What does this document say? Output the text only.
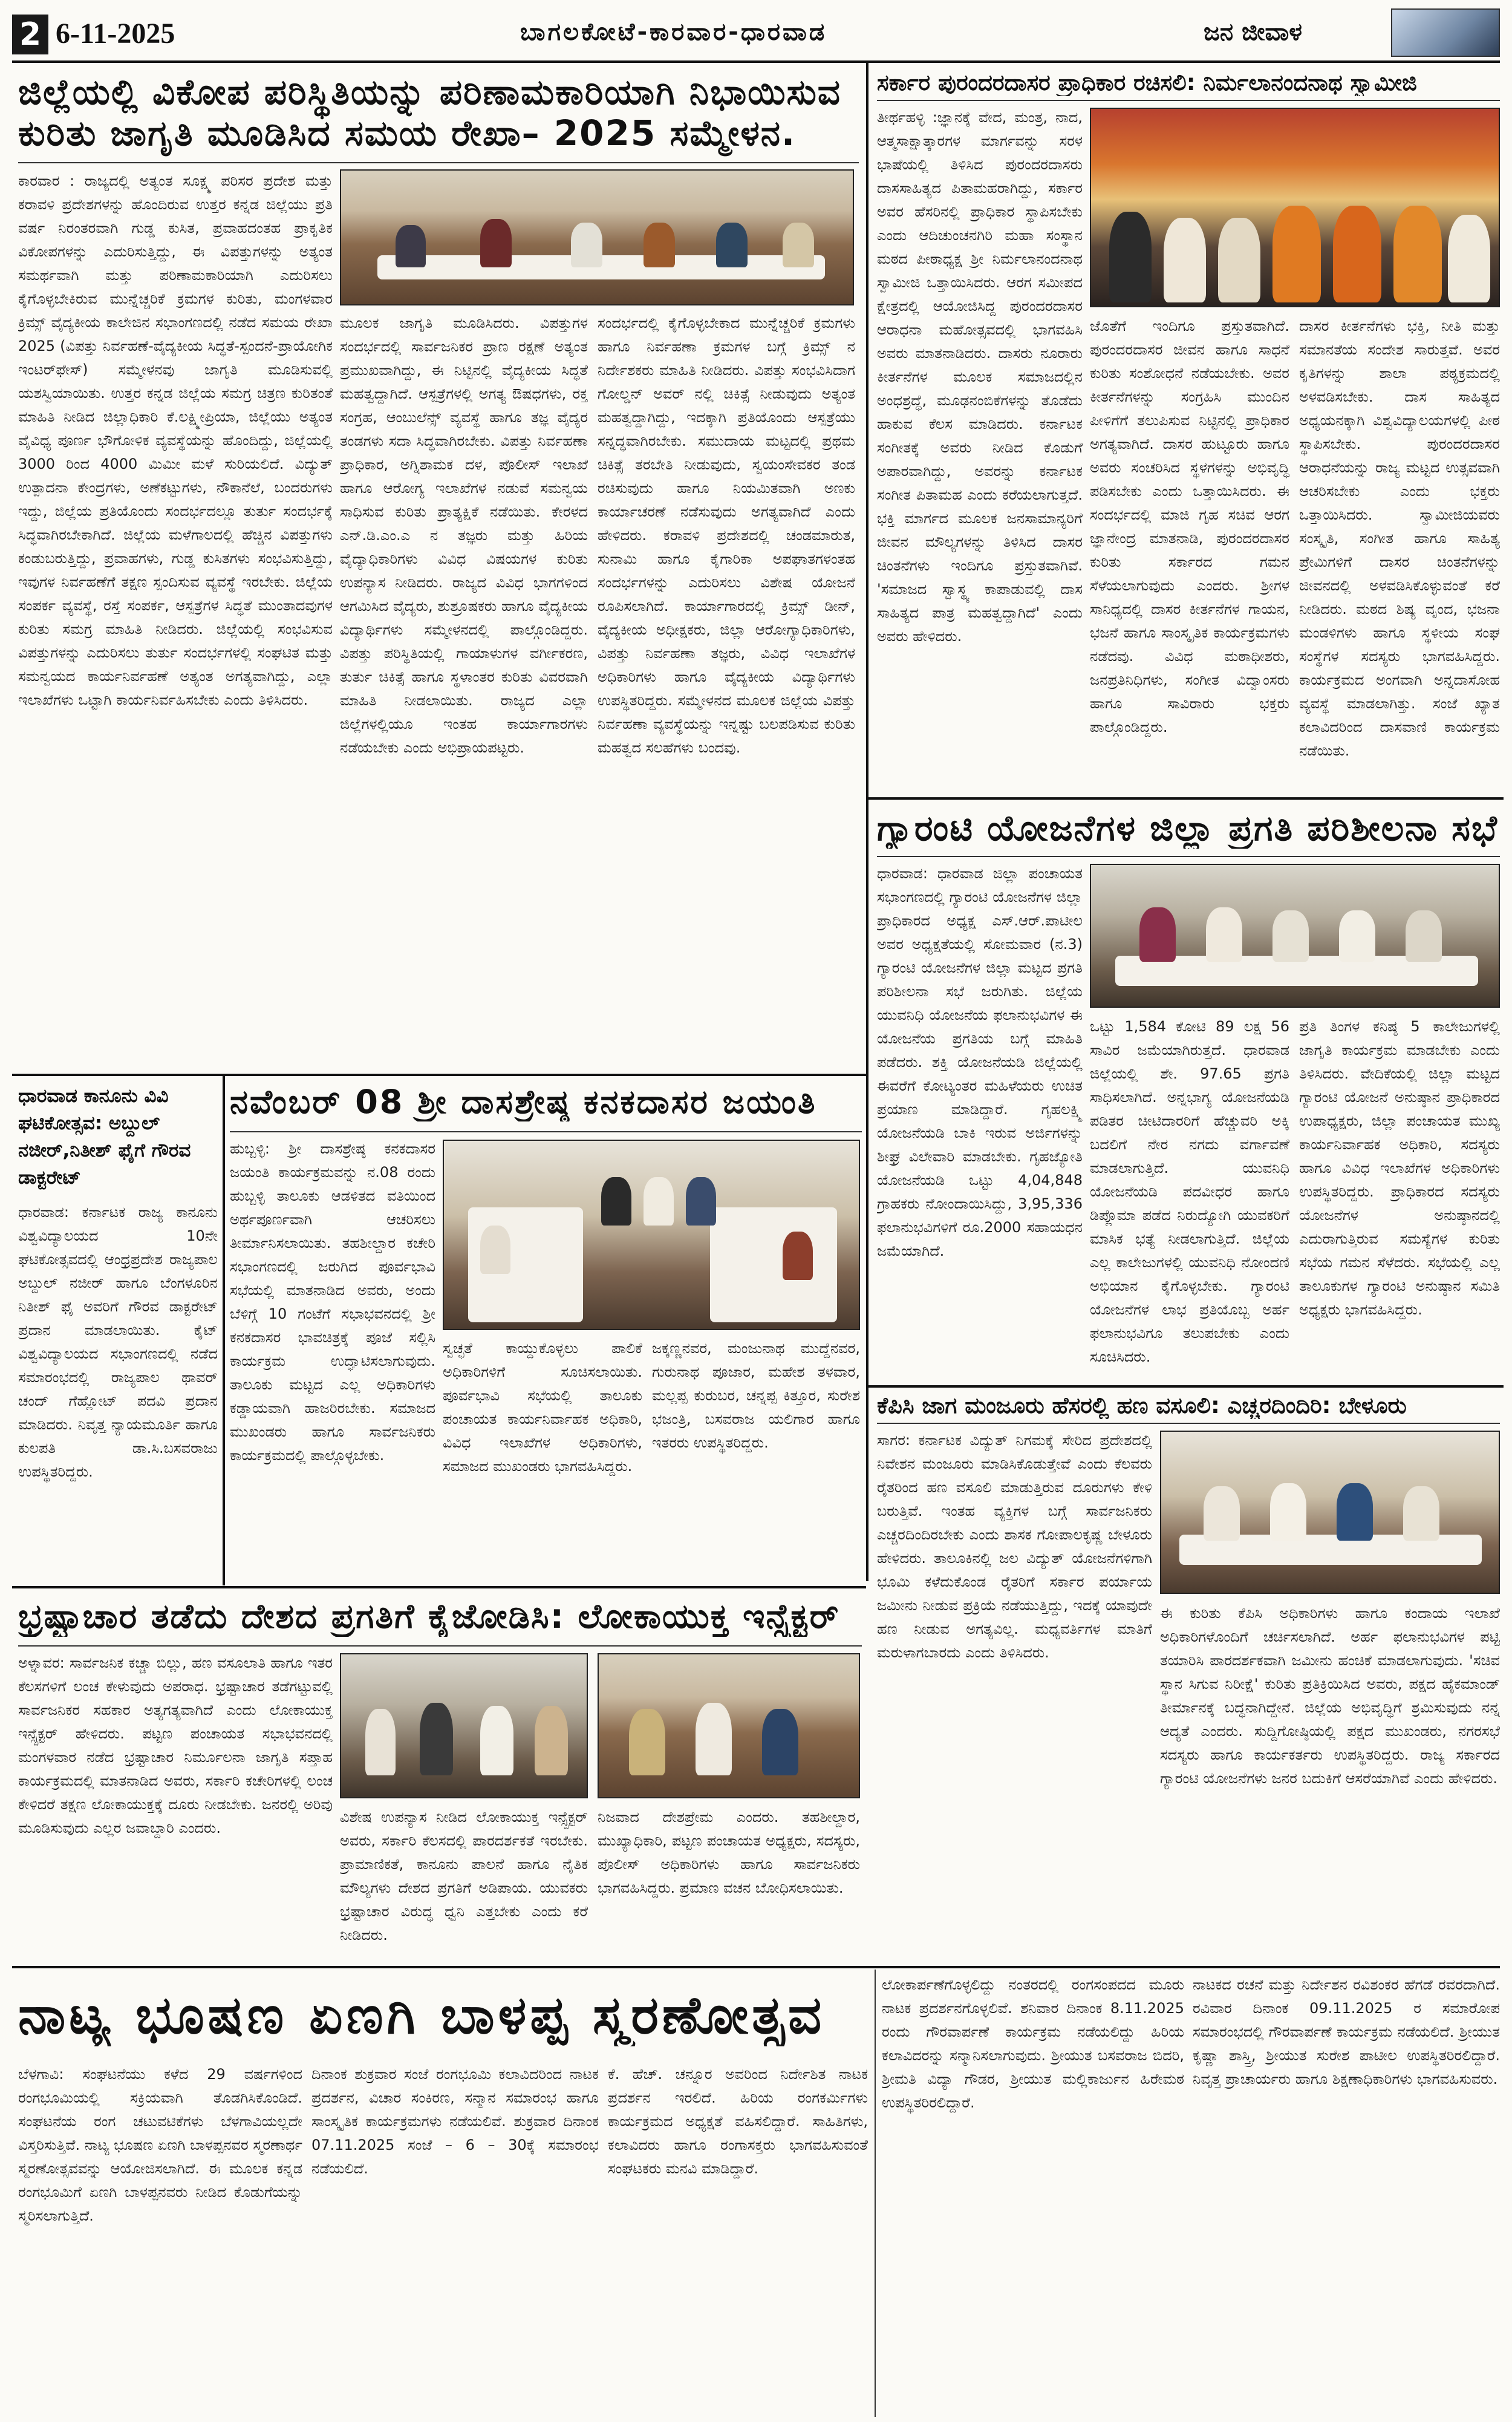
2 6-11-2025	ಬಾಗಲಕೋಟೆ-ಕಾರವಾರ-ಧಾರವಾಡ	ಜನ ಜೀವಾಳ
ಜಿಲ್ಲೆಯಲ್ಲಿ ವಿಕೋಪ ಪರಿಸ್ಥಿತಿಯನ್ನು ಪರಿಣಾಮಕಾರಿಯಾಗಿ ನಿಭಾಯಿಸುವ
ಕುರಿತು ಜಾಗೃತಿ ಮೂಡಿಸಿದ ಸಮಯ ರೇಖಾ– 2025 ಸಮ್ಮೇಳನ.
ಕಾರವಾರ : ರಾಜ್ಯದಲ್ಲಿ ಅತ್ಯಂತ ಸೂಕ್ಷ್ಮ ಪರಿಸರ ಪ್ರದೇಶ ಮತ್ತು ಕರಾವಳಿ ಪ್ರದೇಶಗಳನ್ನು ಹೊಂದಿರುವ ಉತ್ತರ ಕನ್ನಡ ಜಿಲ್ಲೆಯು ಪ್ರತಿ ವರ್ಷ ನಿರಂತರವಾಗಿ ಗುಡ್ಡ ಕುಸಿತ, ಪ್ರವಾಹದಂತಹ ಪ್ರಾಕೃತಿಕ ವಿಕೋಪಗಳನ್ನು ಎದುರಿಸುತ್ತಿದ್ದು, ಈ ವಿಪತ್ತುಗಳನ್ನು ಅತ್ಯಂತ ಸಮರ್ಥವಾಗಿ ಮತ್ತು ಪರಿಣಾಮಕಾರಿಯಾಗಿ ಎದುರಿಸಲು ಕೈಗೊಳ್ಳಬೇಕಿರುವ ಮುನ್ನೆಚ್ಚರಿಕೆ ಕ್ರಮಗಳ ಕುರಿತು, ಮಂಗಳವಾರ ಕ್ರಿಮ್ಸ್ ವೈದ್ಯಕೀಯ ಕಾಲೇಜಿನ ಸಭಾಂಗಣದಲ್ಲಿ ನಡೆದ ಸಮಯ ರೇಖಾ 2025 (ವಿಪತ್ತು ನಿರ್ವಹಣೆ-ವೈದ್ಯಕೀಯ ಸಿದ್ಧತೆ-ಸ್ಪಂದನೆ-ಪ್ರಾಯೋಗಿಕ ಇಂಟರ್‌ಫೇಸ್) ಸಮ್ಮೇಳನವು ಜಾಗೃತಿ ಮೂಡಿಸುವಲ್ಲಿ ಯಶಸ್ವಿಯಾಯಿತು. ಉತ್ತರ ಕನ್ನಡ ಜಿಲ್ಲೆಯ ಸಮಗ್ರ ಚಿತ್ರಣ ಕುರಿತಂತೆ ಮಾಹಿತಿ ನೀಡಿದ ಜಿಲ್ಲಾಧಿಕಾರಿ ಕೆ.ಲಕ್ಷ್ಮೀಪ್ರಿಯಾ, ಜಿಲ್ಲೆಯು ಅತ್ಯಂತ ವೈವಿಧ್ಯ ಪೂರ್ಣ ಭೌಗೋಳಿಕ ವ್ಯವಸ್ಥೆಯನ್ನು ಹೊಂದಿದ್ದು, ಜಿಲ್ಲೆಯಲ್ಲಿ 3000 ರಿಂದ 4000 ಮಿಮೀ ಮಳೆ ಸುರಿಯಲಿದೆ. ವಿದ್ಯುತ್ ಉತ್ಪಾದನಾ ಕೇಂದ್ರಗಳು, ಅಣೆಕಟ್ಟುಗಳು, ನೌಕಾನೆಲೆ, ಬಂದರುಗಳು ಇದ್ದು, ಜಿಲ್ಲೆಯ ಪ್ರತಿಯೊಂದು ಸಂದರ್ಭದಲ್ಲೂ ತುರ್ತು ಸಂದರ್ಭಕ್ಕೆ ಸಿದ್ಧವಾಗಿರಬೇಕಾಗಿದೆ. ಜಿಲ್ಲೆಯ ಮಳೆಗಾಲದಲ್ಲಿ ಹೆಚ್ಚಿನ ವಿಪತ್ತುಗಳು ಕಂಡುಬರುತ್ತಿದ್ದು, ಪ್ರವಾಹಗಳು, ಗುಡ್ಡ ಕುಸಿತಗಳು ಸಂಭವಿಸುತ್ತಿದ್ದು, ಇವುಗಳ ನಿರ್ವಹಣೆಗೆ ತಕ್ಷಣ ಸ್ಪಂದಿಸುವ ವ್ಯವಸ್ಥೆ ಇರಬೇಕು. ಜಿಲ್ಲೆಯ ಸಂಪರ್ಕ ವ್ಯವಸ್ಥೆ, ರಸ್ತೆ ಸಂಪರ್ಕ, ಆಸ್ಪತ್ರೆಗಳ ಸಿದ್ಧತೆ ಮುಂತಾದವುಗಳ ಕುರಿತು ಸಮಗ್ರ ಮಾಹಿತಿ ನೀಡಿದರು. ಜಿಲ್ಲೆಯಲ್ಲಿ ಸಂಭವಿಸುವ ವಿಪತ್ತುಗಳನ್ನು ಎದುರಿಸಲು ತುರ್ತು ಸಂದರ್ಭಗಳಲ್ಲಿ ಸಂಘಟಿತ ಮತ್ತು ಸಮನ್ವಯದ ಕಾರ್ಯನಿರ್ವಹಣೆ ಅತ್ಯಂತ ಅಗತ್ಯವಾಗಿದ್ದು, ಎಲ್ಲಾ ಇಲಾಖೆಗಳು ಒಟ್ಟಾಗಿ ಕಾರ್ಯನಿರ್ವಹಿಸಬೇಕು ಎಂದು ತಿಳಿಸಿದರು.
ಮೂಲಕ ಜಾಗೃತಿ ಮೂಡಿಸಿದರು. ವಿಪತ್ತುಗಳ ಸಂದರ್ಭದಲ್ಲಿ ಸಾರ್ವಜನಿಕರ ಪ್ರಾಣ ರಕ್ಷಣೆ ಅತ್ಯಂತ ಪ್ರಮುಖವಾಗಿದ್ದು, ಈ ನಿಟ್ಟಿನಲ್ಲಿ ವೈದ್ಯಕೀಯ ಸಿದ್ಧತೆ ಮಹತ್ವದ್ದಾಗಿದೆ. ಆಸ್ಪತ್ರೆಗಳಲ್ಲಿ ಅಗತ್ಯ ಔಷಧಗಳು, ರಕ್ತ ಸಂಗ್ರಹ, ಆಂಬುಲೆನ್ಸ್ ವ್ಯವಸ್ಥೆ ಹಾಗೂ ತಜ್ಞ ವೈದ್ಯರ ತಂಡಗಳು ಸದಾ ಸಿದ್ಧವಾಗಿರಬೇಕು. ವಿಪತ್ತು ನಿರ್ವಹಣಾ ಪ್ರಾಧಿಕಾರ, ಅಗ್ನಿಶಾಮಕ ದಳ, ಪೊಲೀಸ್ ಇಲಾಖೆ ಹಾಗೂ ಆರೋಗ್ಯ ಇಲಾಖೆಗಳ ನಡುವೆ ಸಮನ್ವಯ ಸಾಧಿಸುವ ಕುರಿತು ಪ್ರಾತ್ಯಕ್ಷಿಕೆ ನಡೆಯಿತು. ಕೇರಳದ ಎನ್.ಡಿ.ಎಂ.ಎ ನ ತಜ್ಞರು ಮತ್ತು ಹಿರಿಯ ವೈದ್ಯಾಧಿಕಾರಿಗಳು ವಿವಿಧ ವಿಷಯಗಳ ಕುರಿತು ಉಪನ್ಯಾಸ ನೀಡಿದರು. ರಾಜ್ಯದ ವಿವಿಧ ಭಾಗಗಳಿಂದ ಆಗಮಿಸಿದ ವೈದ್ಯರು, ಶುಶ್ರೂಷಕರು ಹಾಗೂ ವೈದ್ಯಕೀಯ ವಿದ್ಯಾರ್ಥಿಗಳು ಸಮ್ಮೇಳನದಲ್ಲಿ ಪಾಲ್ಗೊಂಡಿದ್ದರು. ವಿಪತ್ತು ಪರಿಸ್ಥಿತಿಯಲ್ಲಿ ಗಾಯಾಳುಗಳ ವರ್ಗೀಕರಣ, ತುರ್ತು ಚಿಕಿತ್ಸೆ ಹಾಗೂ ಸ್ಥಳಾಂತರ ಕುರಿತು ವಿವರವಾಗಿ ಮಾಹಿತಿ ನೀಡಲಾಯಿತು. ರಾಜ್ಯದ ಎಲ್ಲಾ ಜಿಲ್ಲೆಗಳಲ್ಲಿಯೂ ಇಂತಹ ಕಾರ್ಯಾಗಾರಗಳು ನಡೆಯಬೇಕು ಎಂದು ಅಭಿಪ್ರಾಯಪಟ್ಟರು.
ಸಂದರ್ಭದಲ್ಲಿ ಕೈಗೊಳ್ಳಬೇಕಾದ ಮುನ್ನೆಚ್ಚರಿಕೆ ಕ್ರಮಗಳು ಹಾಗೂ ನಿರ್ವಹಣಾ ಕ್ರಮಗಳ ಬಗ್ಗೆ ಕ್ರಿಮ್ಸ್ ನ ನಿರ್ದೇಶಕರು ಮಾಹಿತಿ ನೀಡಿದರು. ವಿಪತ್ತು ಸಂಭವಿಸಿದಾಗ ಗೋಲ್ಡನ್ ಅವರ್ ನಲ್ಲಿ ಚಿಕಿತ್ಸೆ ನೀಡುವುದು ಅತ್ಯಂತ ಮಹತ್ವದ್ದಾಗಿದ್ದು, ಇದಕ್ಕಾಗಿ ಪ್ರತಿಯೊಂದು ಆಸ್ಪತ್ರೆಯು ಸನ್ನದ್ಧವಾಗಿರಬೇಕು. ಸಮುದಾಯ ಮಟ್ಟದಲ್ಲಿ ಪ್ರಥಮ ಚಿಕಿತ್ಸೆ ತರಬೇತಿ ನೀಡುವುದು, ಸ್ವಯಂಸೇವಕರ ತಂಡ ರಚಿಸುವುದು ಹಾಗೂ ನಿಯಮಿತವಾಗಿ ಅಣಕು ಕಾರ್ಯಾಚರಣೆ ನಡೆಸುವುದು ಅಗತ್ಯವಾಗಿದೆ ಎಂದು ಹೇಳಿದರು. ಕರಾವಳಿ ಪ್ರದೇಶದಲ್ಲಿ ಚಂಡಮಾರುತ, ಸುನಾಮಿ ಹಾಗೂ ಕೈಗಾರಿಕಾ ಅಪಘಾತಗಳಂತಹ ಸಂದರ್ಭಗಳನ್ನು ಎದುರಿಸಲು ವಿಶೇಷ ಯೋಜನೆ ರೂಪಿಸಲಾಗಿದೆ. ಕಾರ್ಯಾಗಾರದಲ್ಲಿ ಕ್ರಿಮ್ಸ್ ಡೀನ್, ವೈದ್ಯಕೀಯ ಅಧೀಕ್ಷಕರು, ಜಿಲ್ಲಾ ಆರೋಗ್ಯಾಧಿಕಾರಿಗಳು, ವಿಪತ್ತು ನಿರ್ವಹಣಾ ತಜ್ಞರು, ವಿವಿಧ ಇಲಾಖೆಗಳ ಅಧಿಕಾರಿಗಳು ಹಾಗೂ ವೈದ್ಯಕೀಯ ವಿದ್ಯಾರ್ಥಿಗಳು ಉಪಸ್ಥಿತರಿದ್ದರು. ಸಮ್ಮೇಳನದ ಮೂಲಕ ಜಿಲ್ಲೆಯ ವಿಪತ್ತು ನಿರ್ವಹಣಾ ವ್ಯವಸ್ಥೆಯನ್ನು ಇನ್ನಷ್ಟು ಬಲಪಡಿಸುವ ಕುರಿತು ಮಹತ್ವದ ಸಲಹೆಗಳು ಬಂದವು.
ಸರ್ಕಾರ ಪುರಂದರದಾಸರ ಪ್ರಾಧಿಕಾರ ರಚಿಸಲಿ: ನಿರ್ಮಲಾನಂದನಾಥ ಸ್ವಾಮೀಜಿ
ತೀರ್ಥಹಳ್ಳಿ :ಜ್ಞಾನಕ್ಕೆ ವೇದ, ಮಂತ್ರ, ನಾದ, ಆತ್ಮಸಾಕ್ಷಾತ್ಕಾರಗಳ ಮಾರ್ಗವನ್ನು ಸರಳ ಭಾಷೆಯಲ್ಲಿ ತಿಳಿಸಿದ ಪುರಂದರದಾಸರು ದಾಸಸಾಹಿತ್ಯದ ಪಿತಾಮಹರಾಗಿದ್ದು, ಸರ್ಕಾರ ಅವರ ಹೆಸರಿನಲ್ಲಿ ಪ್ರಾಧಿಕಾರ ಸ್ಥಾಪಿಸಬೇಕು ಎಂದು ಆದಿಚುಂಚನಗಿರಿ ಮಹಾ ಸಂಸ್ಥಾನ ಮಠದ ಪೀಠಾಧ್ಯಕ್ಷ ಶ್ರೀ ನಿರ್ಮಲಾನಂದನಾಥ ಸ್ವಾಮೀಜಿ ಒತ್ತಾಯಿಸಿದರು. ಆರಗ ಸಮೀಪದ ಕ್ಷೇತ್ರದಲ್ಲಿ ಆಯೋಜಿಸಿದ್ದ ಪುರಂದರದಾಸರ ಆರಾಧನಾ ಮಹೋತ್ಸವದಲ್ಲಿ ಭಾಗವಹಿಸಿ ಅವರು ಮಾತನಾಡಿದರು. ದಾಸರು ನೂರಾರು ಕೀರ್ತನೆಗಳ ಮೂಲಕ ಸಮಾಜದಲ್ಲಿನ ಅಂಧಶ್ರದ್ಧೆ, ಮೂಢನಂಬಿಕೆಗಳನ್ನು ತೊಡೆದು ಹಾಕುವ ಕೆಲಸ ಮಾಡಿದರು. ಕರ್ನಾಟಕ ಸಂಗೀತಕ್ಕೆ ಅವರು ನೀಡಿದ ಕೊಡುಗೆ ಅಪಾರವಾಗಿದ್ದು, ಅವರನ್ನು ಕರ್ನಾಟಕ ಸಂಗೀತ ಪಿತಾಮಹ ಎಂದು ಕರೆಯಲಾಗುತ್ತದೆ. ಭಕ್ತಿ ಮಾರ್ಗದ ಮೂಲಕ ಜನಸಾಮಾನ್ಯರಿಗೆ ಜೀವನ ಮೌಲ್ಯಗಳನ್ನು ತಿಳಿಸಿದ ದಾಸರ ಚಿಂತನೆಗಳು ಇಂದಿಗೂ ಪ್ರಸ್ತುತವಾಗಿವೆ. 'ಸಮಾಜದ ಸ್ವಾಸ್ಥ್ಯ ಕಾಪಾಡುವಲ್ಲಿ ದಾಸ ಸಾಹಿತ್ಯದ ಪಾತ್ರ ಮಹತ್ವದ್ದಾಗಿದೆ' ಎಂದು ಅವರು ಹೇಳಿದರು.
ಜೊತೆಗೆ ಇಂದಿಗೂ ಪ್ರಸ್ತುತವಾಗಿದೆ. ಪುರಂದರದಾಸರ ಜೀವನ ಹಾಗೂ ಸಾಧನೆ ಕುರಿತು ಸಂಶೋಧನೆ ನಡೆಯಬೇಕು. ಅವರ ಕೀರ್ತನೆಗಳನ್ನು ಸಂಗ್ರಹಿಸಿ ಮುಂದಿನ ಪೀಳಿಗೆಗೆ ತಲುಪಿಸುವ ನಿಟ್ಟಿನಲ್ಲಿ ಪ್ರಾಧಿಕಾರ ಅಗತ್ಯವಾಗಿದೆ. ದಾಸರ ಹುಟ್ಟೂರು ಹಾಗೂ ಅವರು ಸಂಚರಿಸಿದ ಸ್ಥಳಗಳನ್ನು ಅಭಿವೃದ್ಧಿ ಪಡಿಸಬೇಕು ಎಂದು ಒತ್ತಾಯಿಸಿದರು. ಈ ಸಂದರ್ಭದಲ್ಲಿ ಮಾಜಿ ಗೃಹ ಸಚಿವ ಆರಗ ಜ್ಞಾನೇಂದ್ರ ಮಾತನಾಡಿ, ಪುರಂದರದಾಸರ ಕುರಿತು ಸರ್ಕಾರದ ಗಮನ ಸೆಳೆಯಲಾಗುವುದು ಎಂದರು. ಶ್ರೀಗಳ ಸಾನಿಧ್ಯದಲ್ಲಿ ದಾಸರ ಕೀರ್ತನೆಗಳ ಗಾಯನ, ಭಜನೆ ಹಾಗೂ ಸಾಂಸ್ಕೃತಿಕ ಕಾರ್ಯಕ್ರಮಗಳು ನಡೆದವು. ವಿವಿಧ ಮಠಾಧೀಶರು, ಜನಪ್ರತಿನಿಧಿಗಳು, ಸಂಗೀತ ವಿದ್ವಾಂಸರು ಹಾಗೂ ಸಾವಿರಾರು ಭಕ್ತರು ಪಾಲ್ಗೊಂಡಿದ್ದರು.
ದಾಸರ ಕೀರ್ತನೆಗಳು ಭಕ್ತಿ, ನೀತಿ ಮತ್ತು ಸಮಾನತೆಯ ಸಂದೇಶ ಸಾರುತ್ತವೆ. ಅವರ ಕೃತಿಗಳನ್ನು ಶಾಲಾ ಪಠ್ಯಕ್ರಮದಲ್ಲಿ ಅಳವಡಿಸಬೇಕು. ದಾಸ ಸಾಹಿತ್ಯದ ಅಧ್ಯಯನಕ್ಕಾಗಿ ವಿಶ್ವವಿದ್ಯಾಲಯಗಳಲ್ಲಿ ಪೀಠ ಸ್ಥಾಪಿಸಬೇಕು. ಪುರಂದರದಾಸರ ಆರಾಧನೆಯನ್ನು ರಾಜ್ಯ ಮಟ್ಟದ ಉತ್ಸವವಾಗಿ ಆಚರಿಸಬೇಕು ಎಂದು ಭಕ್ತರು ಒತ್ತಾಯಿಸಿದರು. ಸ್ವಾಮೀಜಿಯವರು ಸಂಸ್ಕೃತಿ, ಸಂಗೀತ ಹಾಗೂ ಸಾಹಿತ್ಯ ಪ್ರೇಮಿಗಳಿಗೆ ದಾಸರ ಚಿಂತನೆಗಳನ್ನು ಜೀವನದಲ್ಲಿ ಅಳವಡಿಸಿಕೊಳ್ಳುವಂತೆ ಕರೆ ನೀಡಿದರು. ಮಠದ ಶಿಷ್ಯ ವೃಂದ, ಭಜನಾ ಮಂಡಳಿಗಳು ಹಾಗೂ ಸ್ಥಳೀಯ ಸಂಘ ಸಂಸ್ಥೆಗಳ ಸದಸ್ಯರು ಭಾಗವಹಿಸಿದ್ದರು. ಕಾರ್ಯಕ್ರಮದ ಅಂಗವಾಗಿ ಅನ್ನದಾಸೋಹ ವ್ಯವಸ್ಥೆ ಮಾಡಲಾಗಿತ್ತು. ಸಂಜೆ ಖ್ಯಾತ ಕಲಾವಿದರಿಂದ ದಾಸವಾಣಿ ಕಾರ್ಯಕ್ರಮ ನಡೆಯಿತು.
ಗ್ಯಾರಂಟಿ ಯೋಜನೆಗಳ ಜಿಲ್ಲಾ ಪ್ರಗತಿ ಪರಿಶೀಲನಾ ಸಭೆ
ಧಾರವಾಡ: ಧಾರವಾಡ ಜಿಲ್ಲಾ ಪಂಚಾಯತ ಸಭಾಂಗಣದಲ್ಲಿ ಗ್ಯಾರಂಟಿ ಯೋಜನೆಗಳ ಜಿಲ್ಲಾ ಪ್ರಾಧಿಕಾರದ ಅಧ್ಯಕ್ಷ ಎಸ್.ಆರ್.ಪಾಟೀಲ ಅವರ ಅಧ್ಯಕ್ಷತೆಯಲ್ಲಿ ಸೋಮವಾರ (ನ.3) ಗ್ಯಾರಂಟಿ ಯೋಜನೆಗಳ ಜಿಲ್ಲಾ ಮಟ್ಟದ ಪ್ರಗತಿ ಪರಿಶೀಲನಾ ಸಭೆ ಜರುಗಿತು. ಜಿಲ್ಲೆಯ ಯುವನಿಧಿ ಯೋಜನೆಯ ಫಲಾನುಭವಿಗಳ ಈ ಯೋಜನೆಯ ಪ್ರಗತಿಯ ಬಗ್ಗೆ ಮಾಹಿತಿ ಪಡೆದರು. ಶಕ್ತಿ ಯೋಜನೆಯಡಿ ಜಿಲ್ಲೆಯಲ್ಲಿ ಈವರೆಗೆ ಕೋಟ್ಯಂತರ ಮಹಿಳೆಯರು ಉಚಿತ ಪ್ರಯಾಣ ಮಾಡಿದ್ದಾರೆ. ಗೃಹಲಕ್ಷ್ಮಿ ಯೋಜನೆಯಡಿ ಬಾಕಿ ಇರುವ ಅರ್ಜಿಗಳನ್ನು ಶೀಘ್ರ ವಿಲೇವಾರಿ ಮಾಡಬೇಕು. ಗೃಹಜ್ಯೋತಿ ಯೋಜನೆಯಡಿ ಒಟ್ಟು 4,04,848 ಗ್ರಾಹಕರು ನೋಂದಾಯಿಸಿದ್ದು, 3,95,336 ಫಲಾನುಭವಿಗಳಿಗೆ ರೂ.2000 ಸಹಾಯಧನ ಜಮೆಯಾಗಿದೆ.
ಒಟ್ಟು 1,584 ಕೋಟಿ 89 ಲಕ್ಷ 56 ಸಾವಿರ ಜಮೆಯಾಗಿರುತ್ತದೆ. ಧಾರವಾಡ ಜಿಲ್ಲೆಯಲ್ಲಿ ಶೇ. 97.65 ಪ್ರಗತಿ ಸಾಧಿಸಲಾಗಿದೆ. ಅನ್ನಭಾಗ್ಯ ಯೋಜನೆಯಡಿ ಪಡಿತರ ಚೀಟಿದಾರರಿಗೆ ಹೆಚ್ಚುವರಿ ಅಕ್ಕಿ ಬದಲಿಗೆ ನೇರ ನಗದು ವರ್ಗಾವಣೆ ಮಾಡಲಾಗುತ್ತಿದೆ. ಯುವನಿಧಿ ಯೋಜನೆಯಡಿ ಪದವೀಧರ ಹಾಗೂ ಡಿಪ್ಲೊಮಾ ಪಡೆದ ನಿರುದ್ಯೋಗಿ ಯುವಕರಿಗೆ ಮಾಸಿಕ ಭತ್ಯೆ ನೀಡಲಾಗುತ್ತಿದೆ. ಜಿಲ್ಲೆಯ ಎಲ್ಲ ಕಾಲೇಜುಗಳಲ್ಲಿ ಯುವನಿಧಿ ನೋಂದಣಿ ಅಭಿಯಾನ ಕೈಗೊಳ್ಳಬೇಕು. ಗ್ಯಾರಂಟಿ ಯೋಜನೆಗಳ ಲಾಭ ಪ್ರತಿಯೊಬ್ಬ ಅರ್ಹ ಫಲಾನುಭವಿಗೂ ತಲುಪಬೇಕು ಎಂದು ಸೂಚಿಸಿದರು.
ಪ್ರತಿ ತಿಂಗಳ ಕನಿಷ್ಠ 5 ಕಾಲೇಜುಗಳಲ್ಲಿ ಜಾಗೃತಿ ಕಾರ್ಯಕ್ರಮ ಮಾಡಬೇಕು ಎಂದು ತಿಳಿಸಿದರು. ವೇದಿಕೆಯಲ್ಲಿ ಜಿಲ್ಲಾ ಮಟ್ಟದ ಗ್ಯಾರಂಟಿ ಯೋಜನೆ ಅನುಷ್ಠಾನ ಪ್ರಾಧಿಕಾರದ ಉಪಾಧ್ಯಕ್ಷರು, ಜಿಲ್ಲಾ ಪಂಚಾಯತ ಮುಖ್ಯ ಕಾರ್ಯನಿರ್ವಾಹಕ ಅಧಿಕಾರಿ, ಸದಸ್ಯರು ಹಾಗೂ ವಿವಿಧ ಇಲಾಖೆಗಳ ಅಧಿಕಾರಿಗಳು ಉಪಸ್ಥಿತರಿದ್ದರು. ಪ್ರಾಧಿಕಾರದ ಸದಸ್ಯರು ಯೋಜನೆಗಳ ಅನುಷ್ಠಾನದಲ್ಲಿ ಎದುರಾಗುತ್ತಿರುವ ಸಮಸ್ಯೆಗಳ ಕುರಿತು ಸಭೆಯ ಗಮನ ಸೆಳೆದರು. ಸಭೆಯಲ್ಲಿ ಎಲ್ಲ ತಾಲೂಕುಗಳ ಗ್ಯಾರಂಟಿ ಅನುಷ್ಠಾನ ಸಮಿತಿ ಅಧ್ಯಕ್ಷರು ಭಾಗವಹಿಸಿದ್ದರು.
ಕೆಪಿಸಿ ಜಾಗ ಮಂಜೂರು ಹೆಸರಲ್ಲಿ ಹಣ ವಸೂಲಿ: ಎಚ್ಚರದಿಂದಿರಿ: ಬೇಳೂರು
ಸಾಗರ: ಕರ್ನಾಟಕ ವಿದ್ಯುತ್ ನಿಗಮಕ್ಕೆ ಸೇರಿದ ಪ್ರದೇಶದಲ್ಲಿ ನಿವೇಶನ ಮಂಜೂರು ಮಾಡಿಸಿಕೊಡುತ್ತೇವೆ ಎಂದು ಕೆಲವರು ರೈತರಿಂದ ಹಣ ವಸೂಲಿ ಮಾಡುತ್ತಿರುವ ದೂರುಗಳು ಕೇಳಿ ಬರುತ್ತಿವೆ. ಇಂತಹ ವ್ಯಕ್ತಿಗಳ ಬಗ್ಗೆ ಸಾರ್ವಜನಿಕರು ಎಚ್ಚರದಿಂದಿರಬೇಕು ಎಂದು ಶಾಸಕ ಗೋಪಾಲಕೃಷ್ಣ ಬೇಳೂರು ಹೇಳಿದರು. ತಾಲೂಕಿನಲ್ಲಿ ಜಲ ವಿದ್ಯುತ್ ಯೋಜನೆಗಳಿಗಾಗಿ ಭೂಮಿ ಕಳೆದುಕೊಂಡ ರೈತರಿಗೆ ಸರ್ಕಾರ ಪರ್ಯಾಯ ಜಮೀನು ನೀಡುವ ಪ್ರಕ್ರಿಯೆ ನಡೆಯುತ್ತಿದ್ದು, ಇದಕ್ಕೆ ಯಾವುದೇ ಹಣ ನೀಡುವ ಅಗತ್ಯವಿಲ್ಲ. ಮಧ್ಯವರ್ತಿಗಳ ಮಾತಿಗೆ ಮರುಳಾಗಬಾರದು ಎಂದು ತಿಳಿಸಿದರು.
ಈ ಕುರಿತು ಕೆಪಿಸಿ ಅಧಿಕಾರಿಗಳು ಹಾಗೂ ಕಂದಾಯ ಇಲಾಖೆ ಅಧಿಕಾರಿಗಳೊಂದಿಗೆ ಚರ್ಚಿಸಲಾಗಿದೆ. ಅರ್ಹ ಫಲಾನುಭವಿಗಳ ಪಟ್ಟಿ ತಯಾರಿಸಿ ಪಾರದರ್ಶಕವಾಗಿ ಜಮೀನು ಹಂಚಿಕೆ ಮಾಡಲಾಗುವುದು. 'ಸಚಿವ ಸ್ಥಾನ ಸಿಗುವ ನಿರೀಕ್ಷೆ' ಕುರಿತು ಪ್ರತಿಕ್ರಿಯಿಸಿದ ಅವರು, ಪಕ್ಷದ ಹೈಕಮಾಂಡ್ ತೀರ್ಮಾನಕ್ಕೆ ಬದ್ಧನಾಗಿದ್ದೇನೆ. ಜಿಲ್ಲೆಯ ಅಭಿವೃದ್ಧಿಗೆ ಶ್ರಮಿಸುವುದು ನನ್ನ ಆದ್ಯತೆ ಎಂದರು. ಸುದ್ದಿಗೋಷ್ಠಿಯಲ್ಲಿ ಪಕ್ಷದ ಮುಖಂಡರು, ನಗರಸಭೆ ಸದಸ್ಯರು ಹಾಗೂ ಕಾರ್ಯಕರ್ತರು ಉಪಸ್ಥಿತರಿದ್ದರು. ರಾಜ್ಯ ಸರ್ಕಾರದ ಗ್ಯಾರಂಟಿ ಯೋಜನೆಗಳು ಜನರ ಬದುಕಿಗೆ ಆಸರೆಯಾಗಿವೆ ಎಂದು ಹೇಳಿದರು.
ಧಾರವಾಡ ಕಾನೂನು ವಿವಿ
ಘಟಿಕೋತ್ಸವ: ಅಬ್ದುಲ್
ನಜೀರ್,ನಿತೀಶ್ ಫೈಗೆ ಗೌರವ
ಡಾಕ್ಟರೇಟ್
ಧಾರವಾಡ: ಕರ್ನಾಟಕ ರಾಜ್ಯ ಕಾನೂನು ವಿಶ್ವವಿದ್ಯಾಲಯದ 10ನೇ ಘಟಿಕೋತ್ಸವದಲ್ಲಿ ಆಂಧ್ರಪ್ರದೇಶ ರಾಜ್ಯಪಾಲ ಅಬ್ದುಲ್ ನಜೀರ್ ಹಾಗೂ ಬೆಂಗಳೂರಿನ ನಿತೀಶ್ ಫೈ ಅವರಿಗೆ ಗೌರವ ಡಾಕ್ಟರೇಟ್ ಪ್ರದಾನ ಮಾಡಲಾಯಿತು. ಕೈಟ್ ವಿಶ್ವವಿದ್ಯಾಲಯದ ಸಭಾಂಗಣದಲ್ಲಿ ನಡೆದ ಸಮಾರಂಭದಲ್ಲಿ ರಾಜ್ಯಪಾಲ ಥಾವರ್ ಚಂದ್ ಗೆಹ್ಲೋಟ್ ಪದವಿ ಪ್ರದಾನ ಮಾಡಿದರು. ನಿವೃತ್ತ ನ್ಯಾಯಮೂರ್ತಿ ಹಾಗೂ ಕುಲಪತಿ ಡಾ.ಸಿ.ಬಸವರಾಜು ಉಪಸ್ಥಿತರಿದ್ದರು.
ನವೆಂಬರ್ 08 ಶ್ರೀ ದಾಸಶ್ರೇಷ್ಠ ಕನಕದಾಸರ ಜಯಂತಿ
ಹುಬ್ಬಳ್ಳಿ: ಶ್ರೀ ದಾಸಶ್ರೇಷ್ಠ ಕನಕದಾಸರ ಜಯಂತಿ ಕಾರ್ಯಕ್ರಮವನ್ನು ನ.08 ರಂದು ಹುಬ್ಬಳ್ಳಿ ತಾಲೂಕು ಆಡಳಿತದ ವತಿಯಿಂದ ಅರ್ಥಪೂರ್ಣವಾಗಿ ಆಚರಿಸಲು ತೀರ್ಮಾನಿಸಲಾಯಿತು. ತಹಶೀಲ್ದಾರ ಕಚೇರಿ ಸಭಾಂಗಣದಲ್ಲಿ ಜರುಗಿದ ಪೂರ್ವಭಾವಿ ಸಭೆಯಲ್ಲಿ ಮಾತನಾಡಿದ ಅವರು, ಅಂದು ಬೆಳಿಗ್ಗೆ 10 ಗಂಟೆಗೆ ಸಭಾಭವನದಲ್ಲಿ ಶ್ರೀ ಕನಕದಾಸರ ಭಾವಚಿತ್ರಕ್ಕೆ ಪೂಜೆ ಸಲ್ಲಿಸಿ ಕಾರ್ಯಕ್ರಮ ಉದ್ಘಾಟಿಸಲಾಗುವುದು. ತಾಲೂಕು ಮಟ್ಟದ ಎಲ್ಲ ಅಧಿಕಾರಿಗಳು ಕಡ್ಡಾಯವಾಗಿ ಹಾಜರಿರಬೇಕು. ಸಮಾಜದ ಮುಖಂಡರು ಹಾಗೂ ಸಾರ್ವಜನಿಕರು ಕಾರ್ಯಕ್ರಮದಲ್ಲಿ ಪಾಲ್ಗೊಳ್ಳಬೇಕು.
ಸ್ವಚ್ಛತೆ ಕಾಯ್ದುಕೊಳ್ಳಲು ಪಾಲಿಕೆ ಅಧಿಕಾರಿಗಳಿಗೆ ಸೂಚಿಸಲಾಯಿತು. ಪೂರ್ವಭಾವಿ ಸಭೆಯಲ್ಲಿ ತಾಲೂಕು ಪಂಚಾಯತ ಕಾರ್ಯನಿರ್ವಾಹಕ ಅಧಿಕಾರಿ, ವಿವಿಧ ಇಲಾಖೆಗಳ ಅಧಿಕಾರಿಗಳು, ಸಮಾಜದ ಮುಖಂಡರು ಭಾಗವಹಿಸಿದ್ದರು.
ಜಕ್ಕಣ್ಣನವರ, ಮಂಜುನಾಥ ಮುದ್ದೆನವರ, ಗುರುನಾಥ ಪೂಜಾರ, ಮಹೇಶ ತಳವಾರ, ಮಲ್ಲಪ್ಪ ಕುರುಬರ, ಚನ್ನಪ್ಪ ಕಿತ್ತೂರ, ಸುರೇಶ ಭಜಂತ್ರಿ, ಬಸವರಾಜ ಯಲಿಗಾರ ಹಾಗೂ ಇತರರು ಉಪಸ್ಥಿತರಿದ್ದರು.
ಭ್ರಷ್ಟಾಚಾರ ತಡೆದು ದೇಶದ ಪ್ರಗತಿಗೆ ಕೈಜೋಡಿಸಿ: ಲೋಕಾಯುಕ್ತ ಇನ್ಸ್ಪೆಕ್ಟರ್
ಅಳ್ನಾವರ: ಸಾರ್ವಜನಿಕ ಕಚ್ಚಾ ಬಿಲ್ಲು, ಹಣ ವಸೂಲಾತಿ ಹಾಗೂ ಇತರ ಕೆಲಸಗಳಿಗೆ ಲಂಚ ಕೇಳುವುದು ಅಪರಾಧ. ಭ್ರಷ್ಟಾಚಾರ ತಡೆಗಟ್ಟುವಲ್ಲಿ ಸಾರ್ವಜನಿಕರ ಸಹಕಾರ ಅತ್ಯಗತ್ಯವಾಗಿದೆ ಎಂದು ಲೋಕಾಯುಕ್ತ ಇನ್ಸ್ಪೆಕ್ಟರ್ ಹೇಳಿದರು. ಪಟ್ಟಣ ಪಂಚಾಯತ ಸಭಾಭವನದಲ್ಲಿ ಮಂಗಳವಾರ ನಡೆದ ಭ್ರಷ್ಟಾಚಾರ ನಿರ್ಮೂಲನಾ ಜಾಗೃತಿ ಸಪ್ತಾಹ ಕಾರ್ಯಕ್ರಮದಲ್ಲಿ ಮಾತನಾಡಿದ ಅವರು, ಸರ್ಕಾರಿ ಕಚೇರಿಗಳಲ್ಲಿ ಲಂಚ ಕೇಳಿದರೆ ತಕ್ಷಣ ಲೋಕಾಯುಕ್ತಕ್ಕೆ ದೂರು ನೀಡಬೇಕು. ಜನರಲ್ಲಿ ಅರಿವು ಮೂಡಿಸುವುದು ಎಲ್ಲರ ಜವಾಬ್ದಾರಿ ಎಂದರು.
ವಿಶೇಷ ಉಪನ್ಯಾಸ ನೀಡಿದ ಲೋಕಾಯುಕ್ತ ಇನ್ಸ್ಪೆಕ್ಟರ್ ಅವರು, ಸರ್ಕಾರಿ ಕೆಲಸದಲ್ಲಿ ಪಾರದರ್ಶಕತೆ ಇರಬೇಕು. ಪ್ರಾಮಾಣಿಕತೆ, ಕಾನೂನು ಪಾಲನೆ ಹಾಗೂ ನೈತಿಕ ಮೌಲ್ಯಗಳು ದೇಶದ ಪ್ರಗತಿಗೆ ಅಡಿಪಾಯ. ಯುವಕರು ಭ್ರಷ್ಟಾಚಾರ ವಿರುದ್ಧ ಧ್ವನಿ ಎತ್ತಬೇಕು ಎಂದು ಕರೆ ನೀಡಿದರು.
ನಿಜವಾದ ದೇಶಪ್ರೇಮ ಎಂದರು. ತಹಶೀಲ್ದಾರ, ಮುಖ್ಯಾಧಿಕಾರಿ, ಪಟ್ಟಣ ಪಂಚಾಯತ ಅಧ್ಯಕ್ಷರು, ಸದಸ್ಯರು, ಪೊಲೀಸ್ ಅಧಿಕಾರಿಗಳು ಹಾಗೂ ಸಾರ್ವಜನಿಕರು ಭಾಗವಹಿಸಿದ್ದರು. ಪ್ರಮಾಣ ವಚನ ಬೋಧಿಸಲಾಯಿತು.
ನಾಟ್ಯ ಭೂಷಣ ಏಣಗಿ ಬಾಳಪ್ಪ ಸ್ಮರಣೋತ್ಸವ
ಬೆಳಗಾವಿ: ಸಂಘಟನೆಯು ಕಳೆದ 29 ವರ್ಷಗಳಿಂದ ರಂಗಭೂಮಿಯಲ್ಲಿ ಸಕ್ರಿಯವಾಗಿ ತೊಡಗಿಸಿಕೊಂಡಿದೆ. ಸಂಘಟನೆಯ ರಂಗ ಚಟುವಟಿಕೆಗಳು ಬೆಳಗಾವಿಯಲ್ಲದೇ ವಿಸ್ತರಿಸುತ್ತಿವೆ. ನಾಟ್ಯ ಭೂಷಣ ಏಣಗಿ ಬಾಳಪ್ಪನವರ ಸ್ಮರಣಾರ್ಥ ಸ್ಮರಣೋತ್ಸವವನ್ನು ಆಯೋಜಿಸಲಾಗಿದೆ. ಈ ಮೂಲಕ ಕನ್ನಡ ರಂಗಭೂಮಿಗೆ ಏಣಗಿ ಬಾಳಪ್ಪನವರು ನೀಡಿದ ಕೊಡುಗೆಯನ್ನು ಸ್ಮರಿಸಲಾಗುತ್ತಿದೆ.
ದಿನಾಂಕ ಶುಕ್ರವಾರ ಸಂಜೆ ರಂಗಭೂಮಿ ಕಲಾವಿದರಿಂದ ನಾಟಕ ಪ್ರದರ್ಶನ, ವಿಚಾರ ಸಂಕಿರಣ, ಸನ್ಮಾನ ಸಮಾರಂಭ ಹಾಗೂ ಸಾಂಸ್ಕೃತಿಕ ಕಾರ್ಯಕ್ರಮಗಳು ನಡೆಯಲಿವೆ. ಶುಕ್ರವಾರ ದಿನಾಂಕ 07.11.2025 ಸಂಜೆ – 6 – 30ಕ್ಕೆ ಸಮಾರಂಭ ನಡೆಯಲಿದೆ.
ಕೆ. ಹೆಚ್. ಚನ್ನೂರ ಅವರಿಂದ ನಿರ್ದೇಶಿತ ನಾಟಕ ಪ್ರದರ್ಶನ ಇರಲಿದೆ. ಹಿರಿಯ ರಂಗಕರ್ಮಿಗಳು ಕಾರ್ಯಕ್ರಮದ ಅಧ್ಯಕ್ಷತೆ ವಹಿಸಲಿದ್ದಾರೆ. ಸಾಹಿತಿಗಳು, ಕಲಾವಿದರು ಹಾಗೂ ರಂಗಾಸಕ್ತರು ಭಾಗವಹಿಸುವಂತೆ ಸಂಘಟಕರು ಮನವಿ ಮಾಡಿದ್ದಾರೆ.
ಲೋಕಾರ್ಪಣೆಗೊಳ್ಳಲಿದ್ದು ನಂತರದಲ್ಲಿ ರಂಗಸಂಪದದ ಮೂರು ನಾಟಕ ಪ್ರದರ್ಶನಗೊಳ್ಳಲಿವೆ. ಶನಿವಾರ ದಿನಾಂಕ 8.11.2025 ರಂದು ಗೌರವಾರ್ಪಣೆ ಕಾರ್ಯಕ್ರಮ ನಡೆಯಲಿದ್ದು ಹಿರಿಯ ಕಲಾವಿದರನ್ನು ಸನ್ಮಾನಿಸಲಾಗುವುದು. ಶ್ರೀಯುತ ಬಸವರಾಜ ಬಿದರಿ, ಶ್ರೀಮತಿ ವಿದ್ಯಾ ಗೌಡರ, ಶ್ರೀಯುತ ಮಲ್ಲಿಕಾರ್ಜುನ ಹಿರೇಮಠ ಉಪಸ್ಥಿತರಿರಲಿದ್ದಾರೆ.
ನಾಟಕದ ರಚನೆ ಮತ್ತು ನಿರ್ದೇಶನ ರವಿಶಂಕರ ಹೆಗಡೆ ರವರದಾಗಿದೆ. ರವಿವಾರ ದಿನಾಂಕ 09.11.2025 ರ ಸಮಾರೋಪ ಸಮಾರಂಭದಲ್ಲಿ ಗೌರವಾರ್ಪಣೆ ಕಾರ್ಯಕ್ರಮ ನಡೆಯಲಿದೆ. ಶ್ರೀಯುತ ಕೃಷ್ಣಾ ಶಾಸ್ತ್ರಿ, ಶ್ರೀಯುತ ಸುರೇಶ ಪಾಟೀಲ ಉಪಸ್ಥಿತರಿರಲಿದ್ದಾರೆ. ನಿವೃತ್ತ ಪ್ರಾಚಾರ್ಯರು ಹಾಗೂ ಶಿಕ್ಷಣಾಧಿಕಾರಿಗಳು ಭಾಗವಹಿಸುವರು.
